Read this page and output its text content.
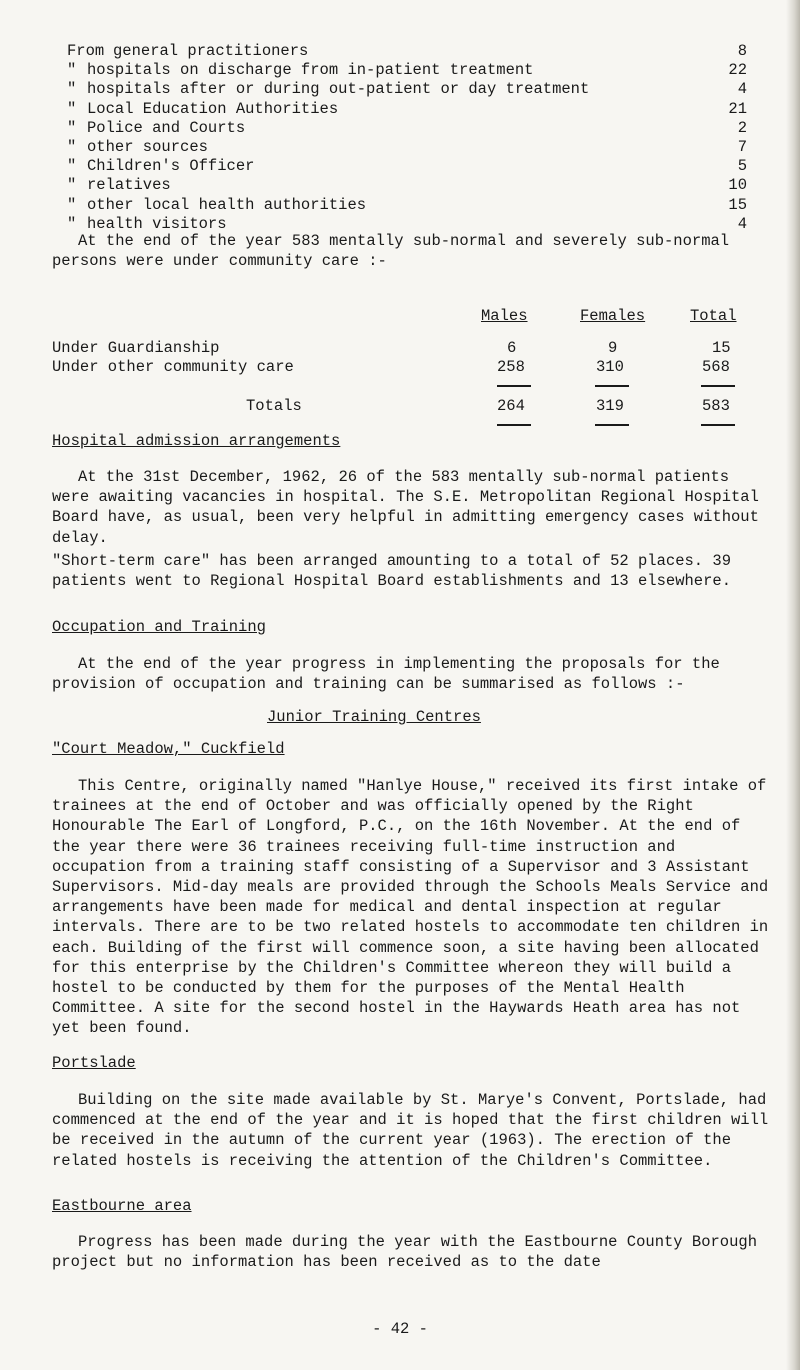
From general practitioners	8
" hospitals on discharge from in-patient treatment	22
" hospitals after or during out-patient or day treatment	4
" Local Education Authorities	21
" Police and Courts	2
" other sources	7
" Children's Officer	5
" relatives	10
" other local health authorities	15
" health visitors	4
At the end of the year 583 mentally sub-normal and severely sub-normal persons were under community care :-
Males	Females	Total
Under Guardianship	6	9	15
Under other community care	258	310	568
Totals	264	319	583
Hospital admission arrangements
At the 31st December, 1962, 26 of the 583 mentally sub-normal patients were awaiting vacancies in hospital. The S.E. Metropolitan Regional Hospital Board have, as usual, been very helpful in admitting emergency cases without delay.
"Short-term care" has been arranged amounting to a total of 52 places. 39 patients went to Regional Hospital Board establishments and 13 elsewhere.
Occupation and Training
At the end of the year progress in implementing the proposals for the provision of occupation and training can be summarised as follows :-
Junior Training Centres
"Court Meadow," Cuckfield
This Centre, originally named "Hanlye House," received its first intake of trainees at the end of October and was officially opened by the Right Honourable The Earl of Longford, P.C., on the 16th November. At the end of the year there were 36 trainees receiving full-time instruction and occupation from a training staff consisting of a Supervisor and 3 Assistant Supervisors. Mid-day meals are provided through the Schools Meals Service and arrangements have been made for medical and dental inspection at regular intervals. There are to be two related hostels to accommodate ten children in each. Building of the first will commence soon, a site having been allocated for this enterprise by the Children's Committee whereon they will build a hostel to be conducted by them for the purposes of the Mental Health Committee. A site for the second hostel in the Haywards Heath area has not yet been found.
Portslade
Building on the site made available by St. Marye's Convent, Portslade, had commenced at the end of the year and it is hoped that the first children will be received in the autumn of the current year (1963). The erection of the related hostels is receiving the attention of the Children's Committee.
Eastbourne area
Progress has been made during the year with the Eastbourne County Borough project but no information has been received as to the date
- 42 -
